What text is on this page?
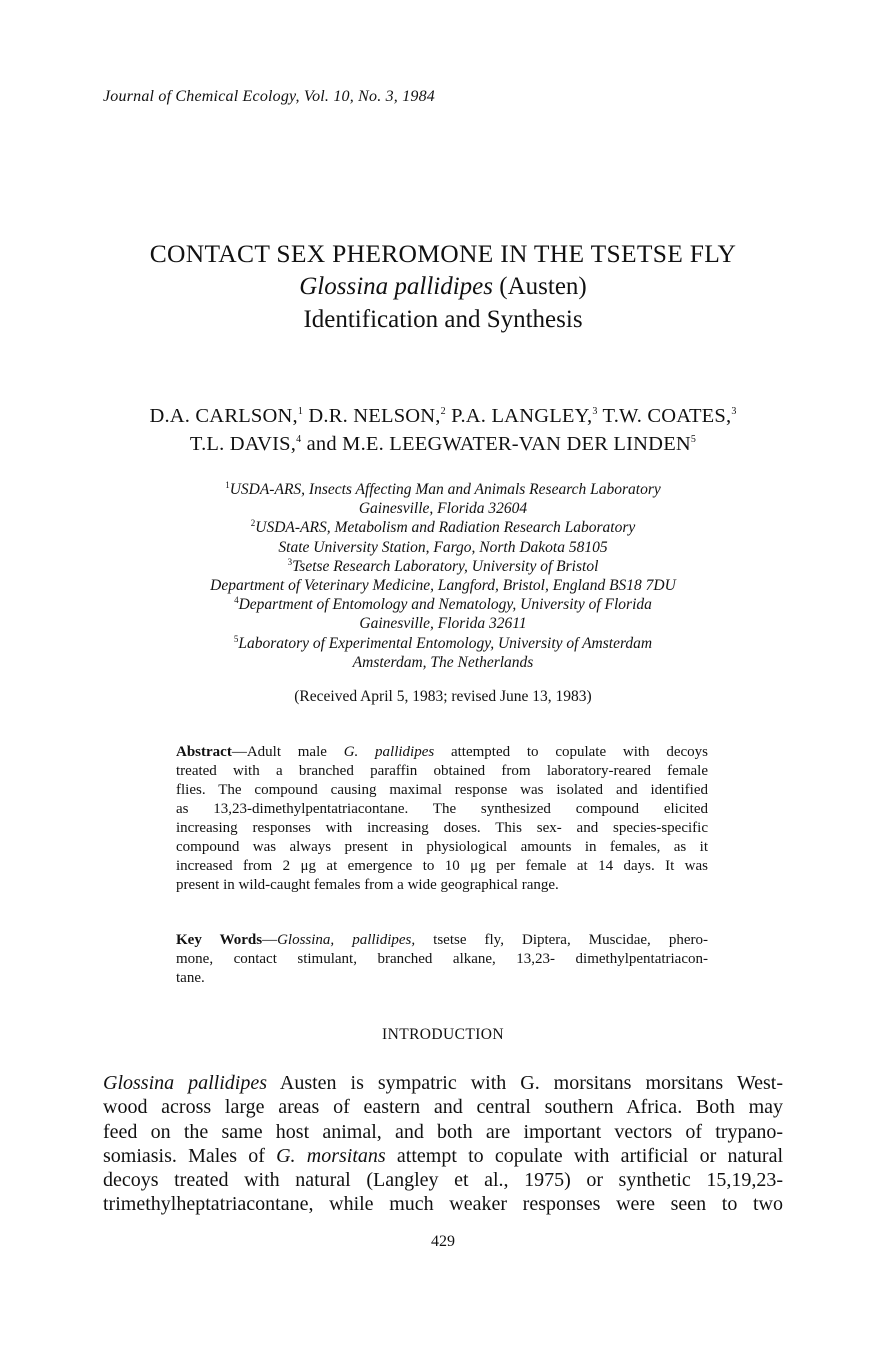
Journal of Chemical Ecology, Vol. 10, No. 3, 1984
CONTACT SEX PHEROMONE IN THE TSETSE FLY
Glossina pallidipes (Austen)
Identification and Synthesis
D.A. CARLSON,$^1$ D.R. NELSON,$^2$ P.A. LANGLEY,$^3$ T.W. COATES,$^3$
T.L. DAVIS,$^4$ and M.E. LEEGWATER-VAN DER LINDEN$^5$
$^1$USDA-ARS, Insects Affecting Man and Animals Research Laboratory
Gainesville, Florida 32604
$^2$USDA-ARS, Metabolism and Radiation Research Laboratory
State University Station, Fargo, North Dakota 58105
$^3$Tsetse Research Laboratory, University of Bristol
Department of Veterinary Medicine, Langford, Bristol, England BS18 7DU
$^4$Department of Entomology and Nematology, University of Florida
Gainesville, Florida 32611
$^5$Laboratory of Experimental Entomology, University of Amsterdam
Amsterdam, The Netherlands
(Received April 5, 1983; revised June 13, 1983)
Abstract—Adult male G. pallidipes attempted to copulate with decoys
treated with a branched paraffin obtained from laboratory-reared female
flies. The compound causing maximal response was isolated and identified
as 13,23-dimethylpentatriacontane. The synthesized compound elicited
increasing responses with increasing doses. This sex- and species-specific
compound was always present in physiological amounts in females, as it
increased from 2 μg at emergence to 10 μg per female at 14 days. It was
present in wild-caught females from a wide geographical range.
Key Words—Glossina, pallidipes, tsetse fly, Diptera, Muscidae, phero-
mone, contact stimulant, branched alkane, 13,23- dimethylpentatriacon-
tane.
INTRODUCTION
Glossina pallidipes Austen is sympatric with G. morsitans morsitans West-
wood across large areas of eastern and central southern Africa. Both may
feed on the same host animal, and both are important vectors of trypano-
somiasis. Males of G. morsitans attempt to copulate with artificial or natural
decoys treated with natural (Langley et al., 1975) or synthetic 15,19,23-
trimethylheptatriacontane, while much weaker responses were seen to two
429
